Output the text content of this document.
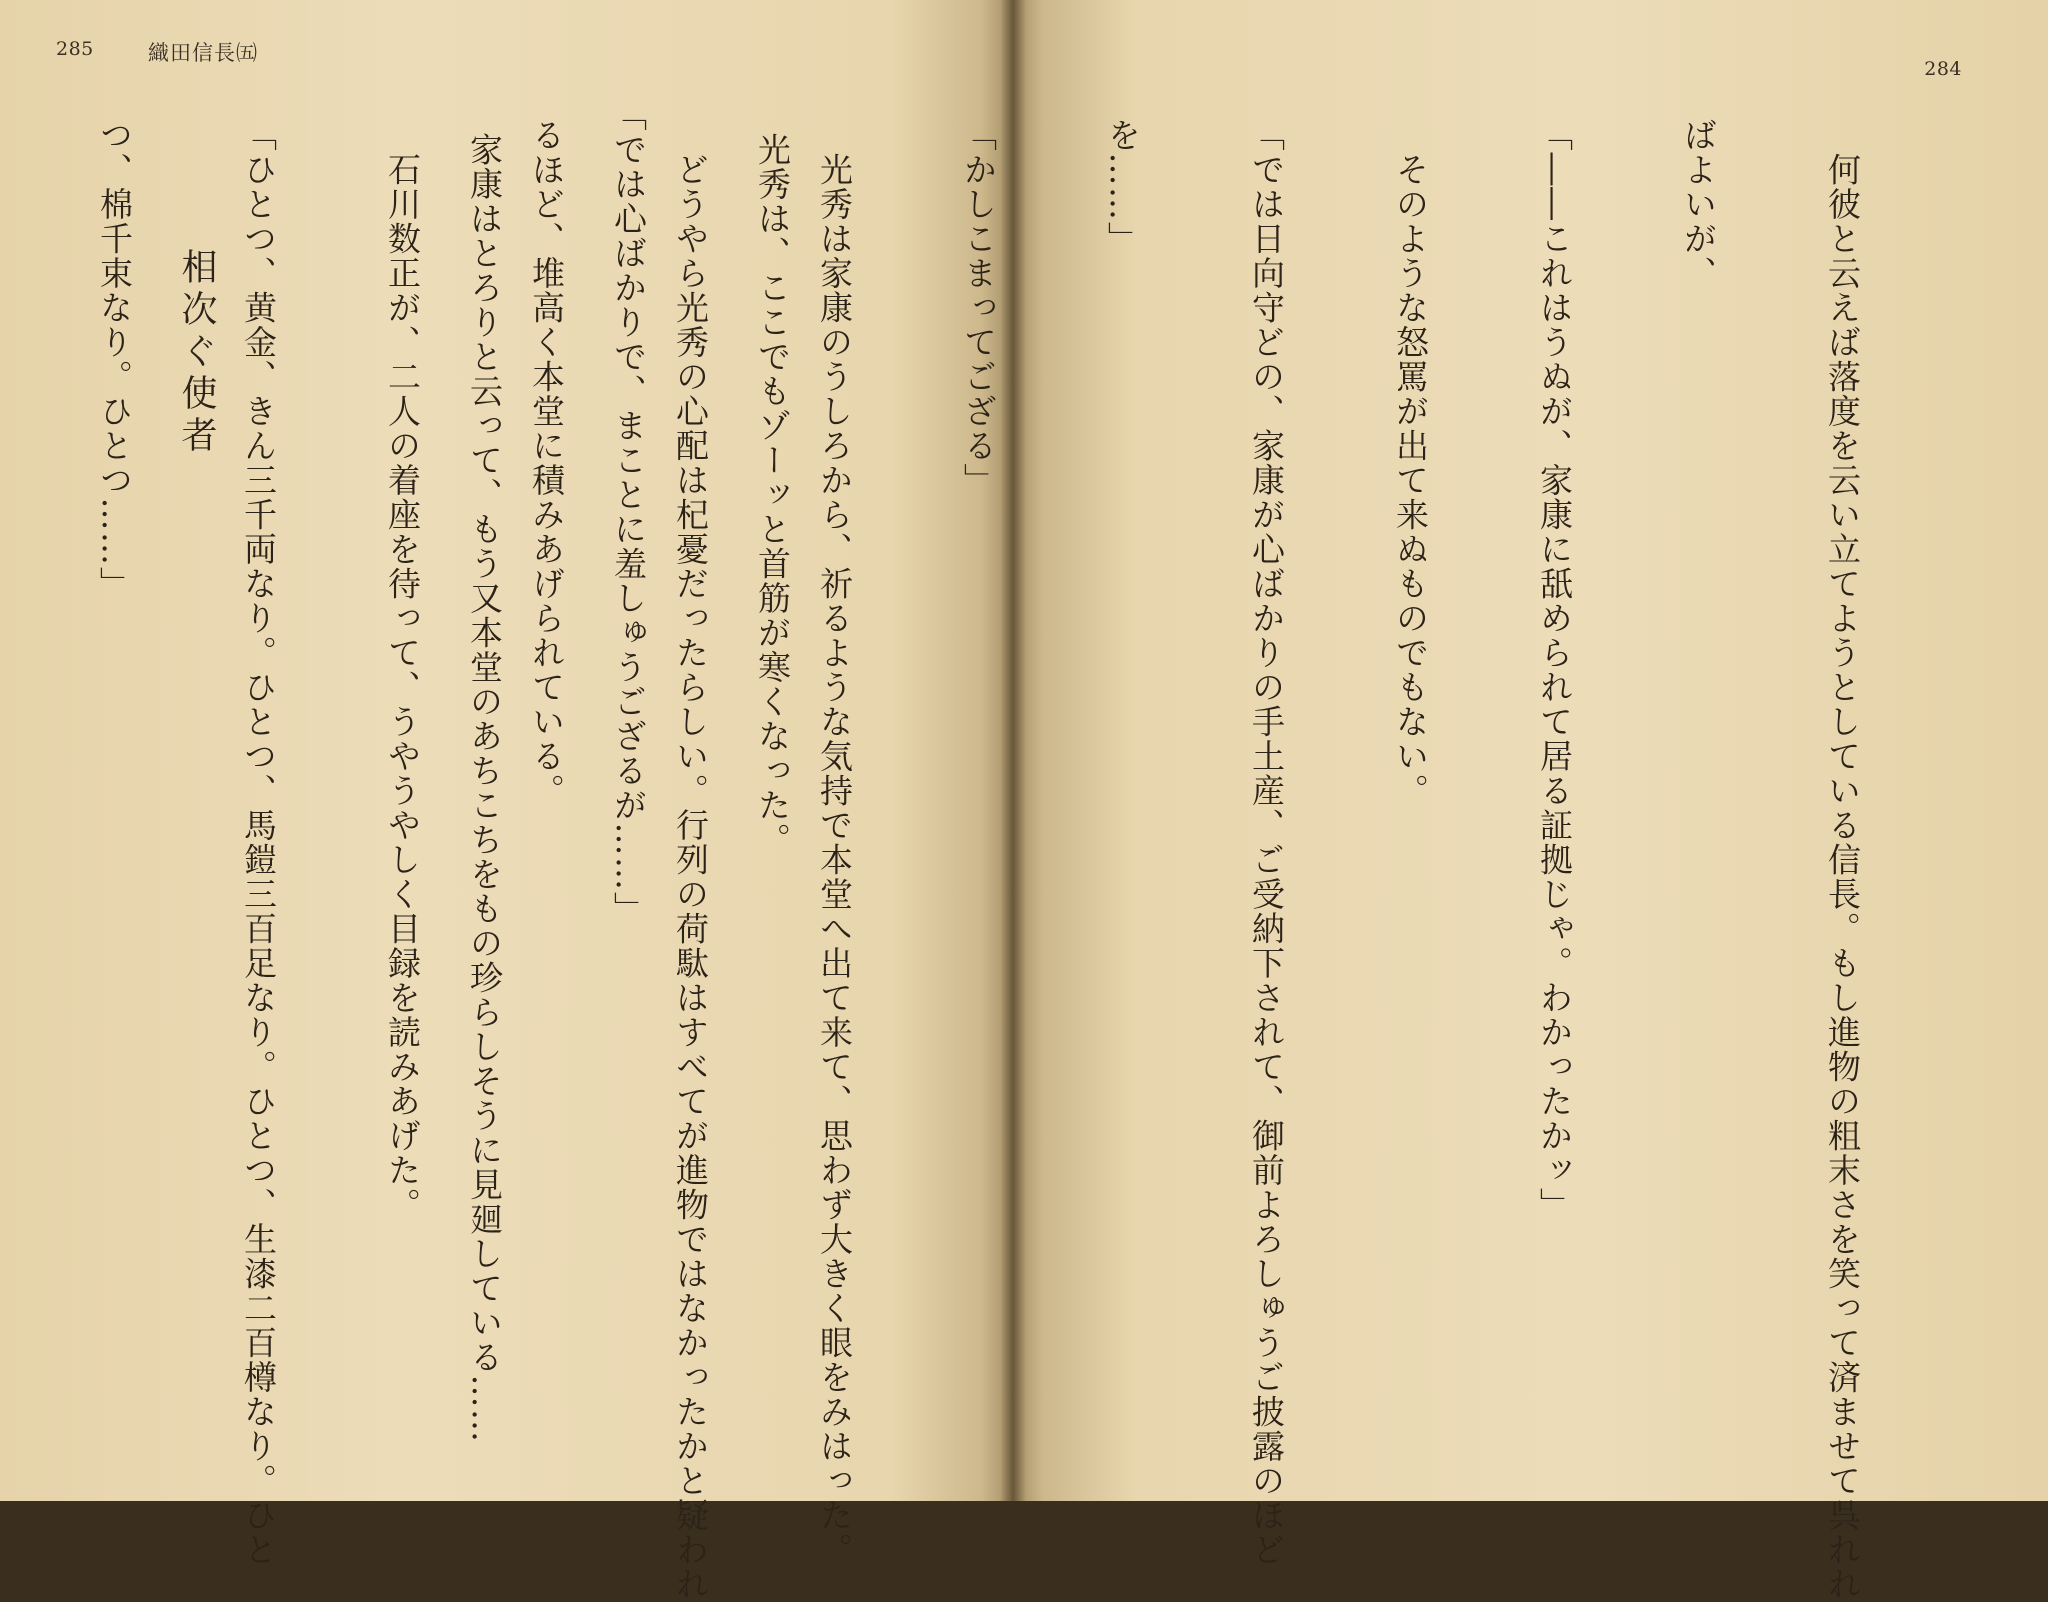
285	織田信長㈤

　光秀は、ここでもゾーッと首筋が寒くなった。

「では心ばかりで、まことに羞しゅうござるが……」

　家康はとろりと云って、もう又本堂のあちこちをもの珍らしそうに見廻している……

相次ぐ使者

284

　何彼と云えば落度を云い立てようとしている信長。もし進物の粗末さを笑って済ませて呉れれ

ばよいが、

「――これはうぬが、家康に舐められて居る証拠じゃ。わかったかッ」

　そのような怒罵が出て来ぬものでもない。

「では日向守どの、家康が心ばかりの手土産、ご受納下されて、御前よろしゅうご披露のほど

を……」

「かしこまってござる」

　光秀は家康のうしろから、祈るような気持で本堂へ出て来て、思わず大きく眼をみはった。

　どうやら光秀の心配は杞憂だったらしい。行列の荷駄はすべてが進物ではなかったかと疑われ

るほど、堆高く本堂に積みあげられている。

　石川数正が、二人の着座を待って、うやうやしく目録を読みあげた。

「ひとつ、黄金、きん三千両なり。ひとつ、馬鎧三百足なり。ひとつ、生漆二百樽なり。ひと

つ、棉千束なり。ひとつ……」
